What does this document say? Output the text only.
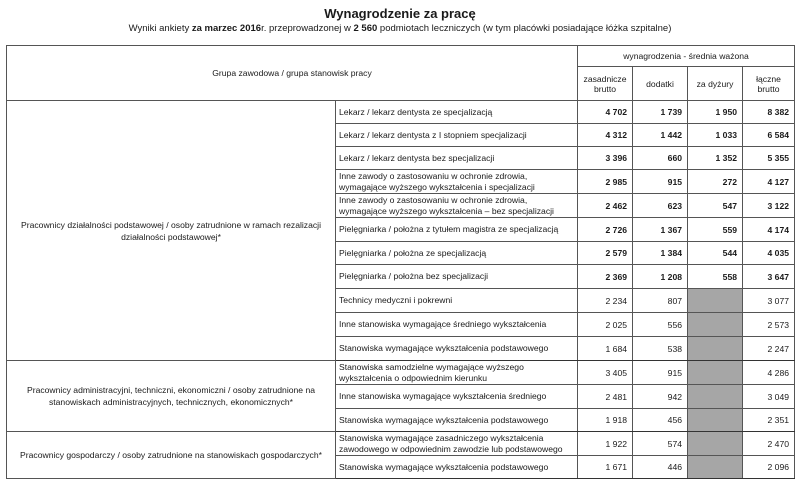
Wynagrodzenie za pracę
Wyniki ankiety za marzec 2016r. przeprowadzonej w 2 560 podmiotach leczniczych (w tym placówki posiadające łóżka szpitalne)
Grupa zawodowa / grupa stanowisk pracy		wynagrodzenia - średnia ważona			
		zasadnicze brutto	dodatki	za dyżury	łączne brutto
Pracownicy działalności podstawowej / osoby zatrudnione w ramach rezalizacji działalności podstawowej*	Lekarz / lekarz dentysta ze specjalizacją	4 702	1 739	1 950	8 382
	Lekarz / lekarz dentysta z I stopniem specjalizacji	4 312	1 442	1 033	6 584
	Lekarz / lekarz dentysta bez specjalizacji	3 396	660	1 352	5 355
	Inne zawody o zastosowaniu w ochronie zdrowia, wymagające wyższego wykształcenia i specjalizacji	2 985	915	272	4 127
	Inne zawody o zastosowaniu w ochronie zdrowia, wymagające wyższego wykształcenia – bez specjalizacji	2 462	623	547	3 122
	Pielęgniarka / położna z tytułem magistra ze specjalizacją	2 726	1 367	559	4 174
	Pielęgniarka / położna ze specjalizacją	2 579	1 384	544	4 035
	Pielęgniarka / położna bez specjalizacji	2 369	1 208	558	3 647
	Technicy medyczni i pokrewni	2 234	807		3 077
	Inne stanowiska wymagające średniego wykształcenia	2 025	556		2 573
	Stanowiska wymagające wykształcenia podstawowego	1 684	538		2 247
Pracownicy administracyjni, techniczni, ekonomiczni / osoby zatrudnione na stanowiskach administracyjnych, technicznych, ekonomicznych*	Stanowiska samodzielne wymagające wyższego wykształcenia o odpowiednim kierunku	3 405	915		4 286
	Inne stanowiska wymagające wykształcenia średniego	2 481	942		3 049
	Stanowiska wymagające wykształcenia podstawowego	1 918	456		2 351
Pracownicy gospodarczy / osoby zatrudnione na stanowiskach gospodarczych*	Stanowiska wymagające zasadniczego wykształcenia zawodowego w odpowiednim zawodzie lub podstawowego	1 922	574		2 470
	Stanowiska wymagające wykształcenia podstawowego	1 671	446		2 096
